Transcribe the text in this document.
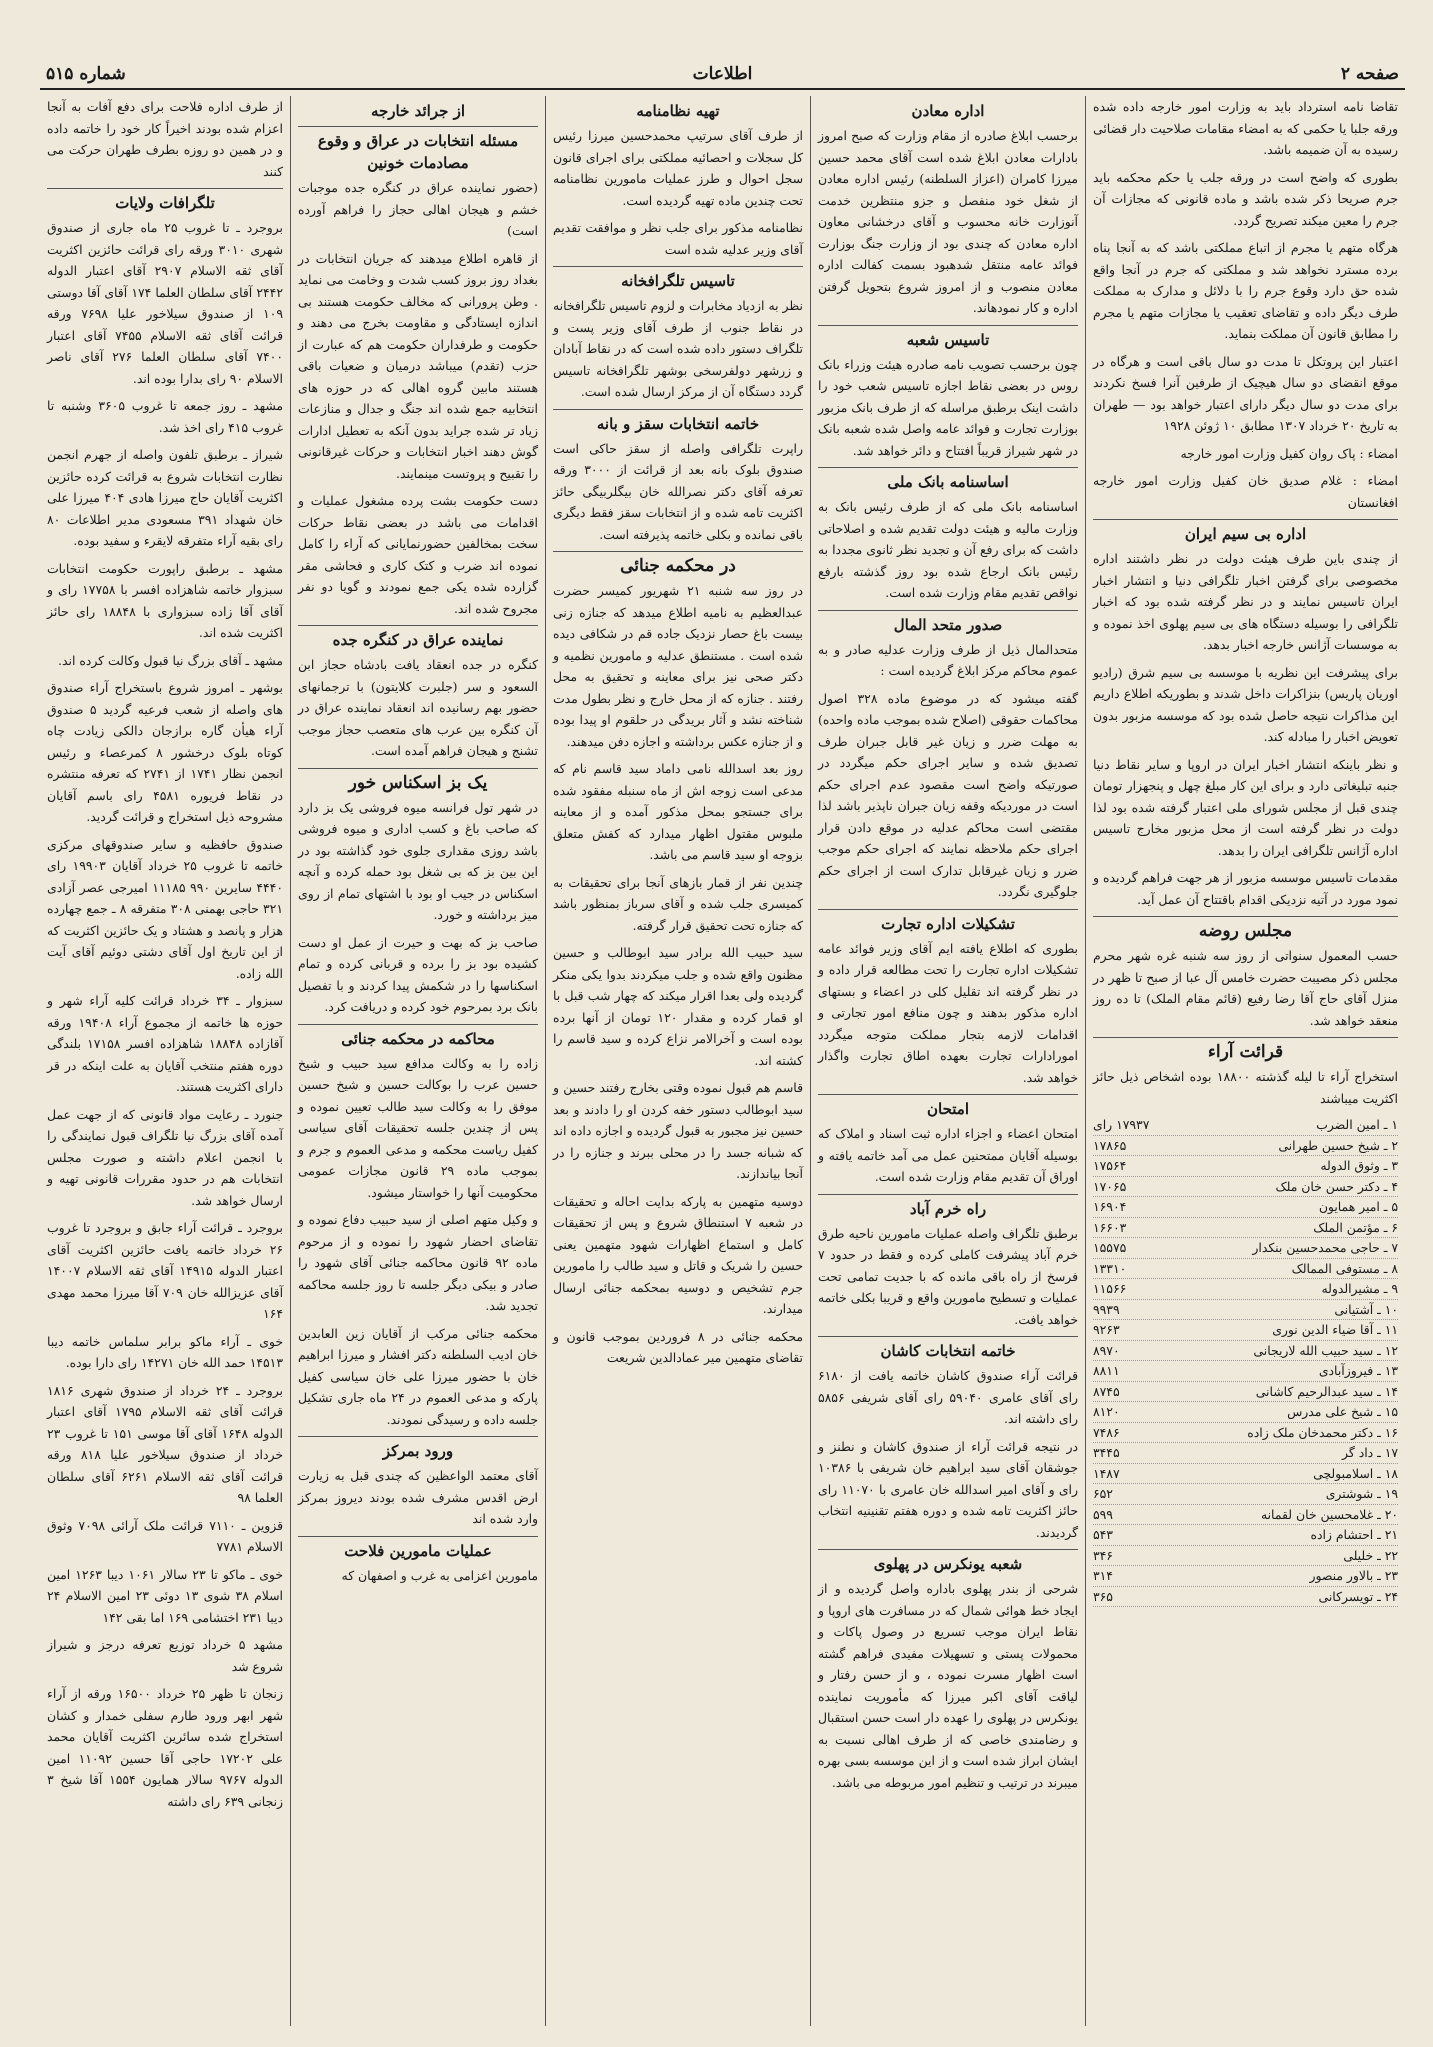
صفحه ۲
اطلاعات
شماره ۵۱۵

تقاضا نامه استرداد باید به وزارت امور خارجه داده شده ورقه جلبا یا حکمی که به امضاء مقامات صلاحیت دار قضائی رسیده به آن ضمیمه باشد.

بطوری که واضح است در ورقه جلب یا حکم محکمه باید جرم صریحا ذکر شده باشد و ماده قانونی که مجازات آن جرم را معین میکند تصریح گردد.

هرگاه متهم یا مجرم از اتباع مملکتی باشد که به آنجا پناه برده مسترد نخواهد شد و مملکتی که جرم در آنجا واقع شده حق دارد وقوع جرم را با دلائل و مدارک به مملکت طرف دیگر داده و تقاضای تعقیب یا مجازات متهم یا مجرم را مطابق قانون آن مملکت بنماید.

اعتبار این پروتکل تا مدت دو سال باقی است و هرگاه در موقع انقضای دو سال هیچیک از طرفین آنرا فسخ نکردند برای مدت دو سال دیگر دارای اعتبار خواهد بود — طهران به تاریخ ۲۰ خرداد ۱۳۰۷ مطابق ۱۰ ژوئن ۱۹۲۸

امضاء : پاک روان کفیل وزارت امور خارجه

امضاء : غلام صدیق خان کفیل وزارت امور خارجه افغانستان

اداره بی سیم ایران

از چندی باین طرف هیئت دولت در نظر داشتند اداره مخصوصی برای گرفتن اخبار تلگرافی دنیا و انتشار اخبار ایران تاسیس نمایند و در نظر گرفته شده بود که اخبار تلگرافی را بوسیله دستگاه های بی سیم پهلوی اخذ نموده و به موسسات آژانس خارجه اخبار بدهد.

برای پیشرفت این نظریه با موسسه بی سیم شرق (رادیو اوریان پاریس) بنزاکرات داخل شدند و بطوریکه اطلاع داریم این مذاکرات نتیجه حاصل شده بود که موسسه مزبور بدون تعویض اخبار را مبادله کند.

و نظر باینکه انتشار اخبار ایران در اروپا و سایر نقاط دنیا جنبه تبلیغاتی دارد و برای این کار مبلغ چهل و پنجهزار تومان چندی قبل از مجلس شورای ملی اعتبار گرفته شده بود لذا دولت در نظر گرفته است از محل مزبور مخارج تاسیس اداره آژانس تلگرافی ایران را بدهد.

مقدمات تاسیس موسسه مزبور از هر جهت فراهم گردیده و نمود مورد در آتیه نزدیکی اقدام باقتتاح آن عمل آید.

مجلس روضه

حسب المعمول سنواتی از روز سه شنبه غره شهر محرم مجلس ذکر مصیبت حضرت خامس آل عبا از صبح تا ظهر در منزل آقای حاج آقا رضا رفیع (قائم مقام الملک) تا ده روز منعقد خواهد شد.

قرائت آراء

استخراج آراء تا لیله گذشته ۱۸۸۰۰ بوده اشخاص ذیل حائز اکثریت میباشند

۱ ـ امین الضرب
۱۷۹۳۷ رای
۲ ـ شیخ حسین طهرانی
۱۷۸۶۵
۳ ـ وثوق الدوله
۱۷۵۶۴
۴ ـ دکتر حسن خان ملک
۱۷۰۶۵
۵ ـ امیر همایون
۱۶۹۰۴
۶ ـ مؤتمن الملک
۱۶۶۰۳
۷ ـ حاجی محمدحسین بنکدار
۱۵۵۷۵
۸ ـ مستوفی الممالک
۱۳۳۱۰
۹ ـ مشیرالدوله
۱۱۵۶۶
۱۰ ـ آشتیانی
۹۹۳۹
۱۱ ـ آقا ضیاء الدین نوری
۹۲۶۳
۱۲ ـ سید حبیب الله لاریجانی
۸۹۷۰
۱۳ ـ فیروزآبادی
۸۸۱۱
۱۴ ـ سید عبدالرحیم کاشانی
۸۷۴۵
۱۵ ـ شیخ علی مدرس
۸۱۲۰
۱۶ ـ دکتر محمدخان ملک زاده
۷۴۸۶
۱۷ ـ داد گر
۳۴۴۵
۱۸ ـ اسلامبولچی
۱۴۸۷
۱۹ ـ شوشتری
۶۵۲
۲۰ ـ غلامحسین خان لقمانه
۵۹۹
۲۱ ـ احتشام زاده
۵۴۳
۲۲ ـ خلیلی
۳۴۶
۲۳ ـ بالاور منصور
۳۱۴
۲۴ ـ تویسرکانی
۳۶۵
اداره معادن

برحسب ابلاغ صادره از مقام وزارت که صبح امروز بادارات معادن ابلاغ شده است آقای محمد حسین میرزا کامران (اعزاز السلطنه) رئیس اداره معادن از شغل خود منفصل و جزو منتظرین خدمت آنوزارت خانه محسوب و آقای درخشانی معاون اداره معادن که چندی بود از وزارت جنگ بوزارت فوائد عامه منتقل شدهبود بسمت کفالت اداره معادن منصوب و از امروز شروع بتحویل گرفتن اداره و کار نمودهاند.

تاسیس شعبه

چون برحسب تصویب نامه صادره هیئت وزراء بانک روس در بعضی نقاط اجازه تاسیس شعب خود را داشت اینک برطبق مراسله که از طرف بانک مزبور بوزارت تجارت و فوائد عامه واصل شده شعبه بانک در شهر شیراز قریباً افتتاح و دائر خواهد شد.

اساسنامه بانک ملی

اساسنامه بانک ملی که از طرف رئیس بانک به وزارت مالیه و هیئت دولت تقدیم شده و اصلاحاتی داشت که برای رفع آن و تجدید نظر ثانوی مجددا به رئیس بانک ارجاع شده بود روز گذشته بارفع نواقص تقدیم مقام وزارت شده است.

صدور متحد المال

متحدالمال ذیل از طرف وزارت عدلیه صادر و به عموم محاکم مرکز ابلاغ گردیده است :

گفته میشود که در موضوع ماده ۳۲۸ اصول محاکمات حقوقی (اصلاح شده بموجب ماده واحده) به مهلت ضرر و زیان غیر قابل جبران طرف تصدیق شده و سایر اجرای حکم میگردد در صورتیکه واضح است مقصود عدم اجرای حکم است در موردیکه وقفه زیان جبران ناپذیر باشد لذا مقتضی است محاکم عدلیه در موقع دادن قرار اجرای حکم ملاحظه نمایند که اجرای حکم موجب ضرر و زیان غیرقابل تدارک است از اجرای حکم جلوگیری نگردد.

تشکیلات اداره تجارت

بطوری که اطلاع یافته ایم آقای وزیر فوائد عامه تشکیلات اداره تجارت را تحت مطالعه قرار داده و در نظر گرفته اند تقلیل کلی در اعضاء و بستهای اداره مذکور بدهند و چون منافع امور تجارتی و اقدامات لازمه بتجار مملکت متوجه میگردد امورادارات تجارت بعهده اطاق تجارت واگذار خواهد شد.

امتحان

امتحان اعضاء و اجزاء اداره ثبت اسناد و املاک که بوسیله آقایان ممتحنین عمل می آمد خاتمه یافته و اوراق آن تقدیم مقام وزارت شده است.

راه خرم آباد

برطبق تلگراف واصله عملیات مامورین ناحیه طرق خرم آباد پیشرفت کاملی کرده و فقط در حدود ۷ فرسخ از راه باقی مانده که با جدیت تمامی تحت عملیات و تسطیح مامورین واقع و قریبا بکلی خاتمه خواهد یافت.

خاتمه انتخابات کاشان

قرائت آراء صندوق کاشان خاتمه یافت از ۶۱۸۰ رای آقای عامری ۵۹۰۴۰ رای آقای شریفی ۵۸۵۶ رای داشته اند.

در نتیجه قرائت آراء از صندوق کاشان و نطنز و جوشقان آقای سید ابراهیم خان شریفی با ۱۰۳۸۶ رای و آقای امیر اسدالله خان عامری با ۱۱۰۷۰ رای حائز اکثریت تامه شده و دوره هفتم تقنینیه انتخاب گردیدند.

شعبه یونکرس در پهلوی

شرحی از بندر پهلوی باداره واصل گردیده و از ایجاد خط هوائی شمال که در مسافرت های اروپا و نقاط ایران موجب تسریع در وصول پاکات و محمولات پستی و تسهیلات مفیدی فراهم گشته است اظهار مسرت نموده ، و از حسن رفتار و لیاقت آقای اکبر میرزا که مأموریت نماینده یونکرس در پهلوی را عهده دار است حسن استقبال و رضامندی خاصی که از طرف اهالی نسبت به ایشان ابراز شده است و از این موسسه بسی بهره میبرند در ترتیب و تنظیم امور مربوطه می باشد.

تهیه نظامنامه

از طرف آقای سرتیپ محمدحسین میرزا رئیس کل سجلات و احصائیه مملکتی برای اجرای قانون سجل احوال و طرز عملیات مامورین نظامنامه تحت چندین ماده تهیه گردیده است.

نظامنامه مذکور برای جلب نظر و موافقت تقدیم آقای وزیر عدلیه شده است

تاسیس تلگرافخانه

نظر به ازدیاد مخابرات و لزوم تاسیس تلگرافخانه در نقاط جنوب از طرف آقای وزیر پست و تلگراف دستور داده شده است که در نقاط آبادان و زرشهر دولفرسخی بوشهر تلگرافخانه تاسیس گردد دستگاه آن از مرکز ارسال شده است.

خاتمه انتخابات سقز و بانه

راپرت تلگرافی واصله از سقز حاکی است صندوق بلوک بانه بعد از قرائت از ۳۰۰۰ ورقه تعرفه آقای دکتر نصرالله خان بیگلربیگی حائز اکثریت تامه شده و از انتخابات سقز فقط دیگری باقی نمانده و بکلی خاتمه پذیرفته است.

در محکمه جنائی

در روز سه شنبه ۲۱ شهریور کمیسر حضرت عبدالعظیم به نامیه اطلاع میدهد که جنازه زنی بیست باغ حصار نزدیک جاده قم در شکافی دیده شده است . مستنطق عدلیه و مامورین نظمیه و دکتر صحی نیز برای معاینه و تحقیق به محل رفتند . جنازه که از محل خارج و نظر بطول مدت شناخته نشد و آثار بریدگی در حلقوم او پیدا بوده و از جنازه عکس برداشته و اجازه دفن میدهند.

روز بعد اسدالله نامی داماد سید قاسم نام که مدعی است زوجه اش از ماه سنبله مفقود شده برای جستجو بمحل مذکور آمده و از معاینه ملبوس مقتول اظهار میدارد که کفش متعلق بزوجه او سید قاسم می باشد.

چندین نفر از قمار بازهای آنجا برای تحقیقات به کمیسری جلب شده و آقای سرباز بمنظور باشد که جنازه تحت تحقیق قرار گرفته.

سید حبیب الله برادر سید ابوطالب و حسین مظنون واقع شده و جلب میکردند بدوا یکی منکر گردیده ولی بعدا اقرار میکند که چهار شب قبل با او قمار کرده و مقدار ۱۲۰ تومان از آنها برده بوده است و آخرالامر نزاع کرده و سید قاسم را کشته اند.

قاسم هم قبول نموده وقتی بخارج رفتند حسین و سید ابوطالب دستور خفه کردن او را دادند و بعد حسین نیز مجبور به قبول گردیده و اجازه داده اند که شبانه جسد را در محلی ببرند و جنازه را در آنجا بیاندازند.

دوسیه متهمین به پارکه بدایت احاله و تحقیقات در شعبه ۷ استنطاق شروع و پس از تحقیقات کامل و استماع اظهارات شهود متهمین یعنی حسین را شریک و قاتل و سید طالب را مامورین جرم تشخیص و دوسیه بمحکمه جنائی ارسال میدارند.

محکمه جنائی در ۸ فروردین بموجب قانون و تقاضای متهمین میر عمادالدین شریعت

از جرائد خارجه
مسئله انتخابات در عراق و وقوع مصادمات خونین

(حضور نماینده عراق در کنگره جده موجبات خشم و هیجان اهالی حجاز را فراهم آورده است)

از قاهره اطلاع میدهند که جریان انتخابات در بغداد روز بروز کسب شدت و وخامت می نماید . وطن پرورانی که مخالف حکومت هستند بی اندازه ایستادگی و مقاومت بخرج می دهند و حکومت و طرفداران حکومت هم که عبارت از حزب (تقدم) میباشد درمیان و ضعیات باقی هستند مابین گروه اهالی که در حوزه های انتخابیه جمع شده اند جنگ و جدال و منازعات زیاد تر شده جراید بدون آنکه به تعطیل ادارات گوش دهند اخبار انتخابات و حرکات غیرقانونی را تقبیح و پروتست مینمایند.

دست حکومت بشت پرده مشغول عملیات و اقدامات می باشد در بعضی نقاط حرکات سخت بمخالفین حضورنمایانی که آراء را کامل نموده اند ضرب و کتک کاری و فحاشی مقر گزارده شده یکی جمع نمودند و گویا دو نفر مجروح شده اند.

نماینده عراق در کنگره جده

کنگره در جده انعقاد یافت بادشاه حجاز ابن السعود و سر (جلبرت کلایتون) با ترجمانهای حضور بهم رسانیده اند انعقاد نماینده عراق در آن کنگره بین عرب های متعصب حجاز موجب تشنج و هیجان فراهم آمده است.

یک بز اسکناس خور

در شهر تول فرانسه میوه فروشی یک بز دارد که صاحب باغ و کسب اداری و میوه فروشی باشد روزی مقداری جلوی خود گذاشته بود در این بین بز که بی شغل بود حمله کرده و آنچه اسکناس در جیب او بود با اشتهای تمام از روی میز برداشته و خورد.

صاحب بز که بهت و حیرت از عمل او دست کشیده بود بز را برده و قربانی کرده و تمام اسکناسها را در شکمش پیدا کردند و با تفصیل بانک برد بمرحوم خود کرده و دریافت کرد.

محاکمه در محکمه جنائی

زاده را به وکالت مدافع سید حبیب و شیخ حسین عرب را بوکالت حسین و شیخ حسین موفق را به وکالت سید طالب تعیین نموده و پس از چندین جلسه تحقیقات آقای سیاسی کفیل ریاست محکمه و مدعی العموم و جرم و بموجب ماده ۲۹ قانون مجازات عمومی محکومیت آنها را خواستار میشود.

و وکیل متهم اصلی از سید حبیب دفاع نموده و تقاضای احضار شهود را نموده و از مرحوم ماده ۹۲ قانون محاکمه جنائی آقای شهود را صادر و بیکی دیگر جلسه تا روز جلسه محاکمه تجدید شد.

محکمه جنائی مرکب از آقایان زین العابدین خان ادیب السلطنه دکتر افشار و میرزا ابراهیم خان با حضور میرزا علی خان سیاسی کفیل پارکه و مدعی العموم در ۲۴ ماه جاری تشکیل جلسه داده و رسیدگی نمودند.

ورود بمرکز

آقای معتمد الواعظین که چندی قبل به زیارت ارض اقدس مشرف شده بودند دیروز بمرکز وارد شده اند

عملیات مامورین فلاحت

مامورین اعزامی به غرب و اصفهان که

از طرف اداره فلاحت برای دفع آفات به آنجا اعزام شده بودند اخیراً کار خود را خاتمه داده و در همین دو روزه بطرف طهران حرکت می کنند

تلگرافات ولایات

بروجرد ـ تا غروب ۲۵ ماه جاری از صندوق شهری ۳۰۱۰ ورقه رای قرائت حائزین اکثریت آقای ثقه الاسلام ۲۹۰۷ آقای اعتبار الدوله ۲۴۴۲ آقای سلطان العلما ۱۷۴ آقای آقا دوستی ۱۰۹ از صندوق سیلاخور علیا ۷۶۹۸ ورقه قرائت آقای ثقه الاسلام ۷۴۵۵ آقای اعتبار ۷۴۰۰ آقای سلطان العلما ۲۷۶ آقای ناصر الاسلام ۹۰ رای بدارا بوده اند.

مشهد ـ روز جمعه تا غروب ۳۶۰۵ وشنبه تا غروب ۴۱۵ رای اخذ شد.

شیراز ـ برطبق تلفون واصله از جهرم انجمن نظارت انتخابات شروع به قرائت کرده حائزین اکثریت آقایان حاج میرزا هادی ۴۰۴ میرزا علی خان شهداد ۳۹۱ مسعودی مدیر اطلاعات ۸۰ رای بقیه آراء متفرقه لایقرء و سفید بوده.

مشهد ـ برطبق راپورت حکومت انتخابات سبزوار خاتمه شاهزاده افسر با ۱۷۷۵۸ رای و آقای آقا زاده سبزواری با ۱۸۸۴۸ رای حائز اکثریت شده اند.

مشهد ـ آقای بزرگ نیا قبول وکالت کرده اند.

بوشهر ـ امروز شروع باستخراج آراء صندوق های واصله از شعب فرعیه گردید ۵ صندوق آراء هیأن گاره برازجان دالکی زیادت چاه کوتاه بلوک درخشور ۸ کمرعصاء و رئیس انجمن نظار ۱۷۴۱ از ۲۷۴۱ که تعرفه منتشره در نقاط فریوره ۴۵۸۱ رای باسم آقایان مشروحه ذیل استخراج و قرائت گردید.

صندوق حافظیه و سایر صندوقهای مرکزی خاتمه تا غروب ۲۵ خرداد آقایان ۱۹۹۰۳ رای ۴۴۴۰ سایرین ۹۹۰ ۱۱۱۸۵ امیرجی عصر آزادی ۳۲۱ حاجی بهمنی ۳۰۸ متفرقه ۸ ـ جمع چهارده هزار و پانصد و هشتاد و یک حائزین اکثریت که از این تاریخ اول آقای دشتی دوئیم آقای آیت الله زاده.

سبزوار ـ ۳۴ خرداد قرائت کلیه آراء شهر و حوزه ها خاتمه از مجموع آراء ۱۹۴۰۸ ورقه آقازاده ۱۸۸۴۸ شاهزاده افسر ۱۷۱۵۸ بلندگی دوره هفتم منتخب آقایان به علت اینکه در قر دارای اکثریت هستند.

جنورد ـ رعایت مواد قانونی که از جهت عمل آمده آقای بزرگ نیا تلگراف قبول نمایندگی را با انجمن اعلام داشته و صورت مجلس انتخابات هم در حدود مقررات قانونی تهیه و ارسال خواهد شد.

بروجرد ـ قرائت آراء جابق و بروجرد تا غروب ۲۶ خرداد خاتمه یافت حائزین اکثریت آقای اعتبار الدوله ۱۴۹۱۵ آقای ثقه الاسلام ۱۴۰۰۷ آقای عزیزالله خان ۷۰۹ آقا میرزا محمد مهدی ۱۶۴

خوی ـ آراء ماکو برابر سلماس خاتمه دیبا ۱۴۵۱۳ حمد الله خان ۱۴۲۷۱ رای دارا بوده.

بروجرد ـ ۲۴ خرداد از صندوق شهری ۱۸۱۶ قرائت آقای ثقه الاسلام ۱۷۹۵ آقای اعتبار الدوله ۱۶۴۸ آقای آقا موسی ۱۵۱ تا غروب ۲۳ خرداد از صندوق سیلاخور علیا ۸۱۸ ورقه قرائت آقای ثقه الاسلام ۶۲۶۱ آقای سلطان العلما ۹۸

قزوین ـ ۷۱۱۰ قرائت ملک آرائی ۷۰۹۸ وثوق الاسلام ۷۷۸۱

خوی ـ ماکو تا ۲۳ سالار ۱۰۶۱ دیبا ۱۲۶۳ امین اسلام ۳۸ شوی ۱۳ دوئی ۲۳ امین الاسلام ۲۴ دیبا ۲۳۱ اختشامی ۱۶۹ اما بقی ۱۴۲

مشهد ۵ خرداد توزیع تعرفه درجز و شیراز شروع شد

زنجان تا ظهر ۲۵ خرداد ۱۶۵۰۰ ورقه از آراء شهر ابهر ورود طارم سفلی خمدار و کشان استخراج شده سائرین اکثریت آقایان محمد علی ۱۷۲۰۲ حاجی آقا حسین ۱۱۰۹۲ امین الدوله ۹۷۶۷ سالار همایون ۱۵۵۴ آقا شیخ ۳ زنجانی ۶۳۹ رای داشته
